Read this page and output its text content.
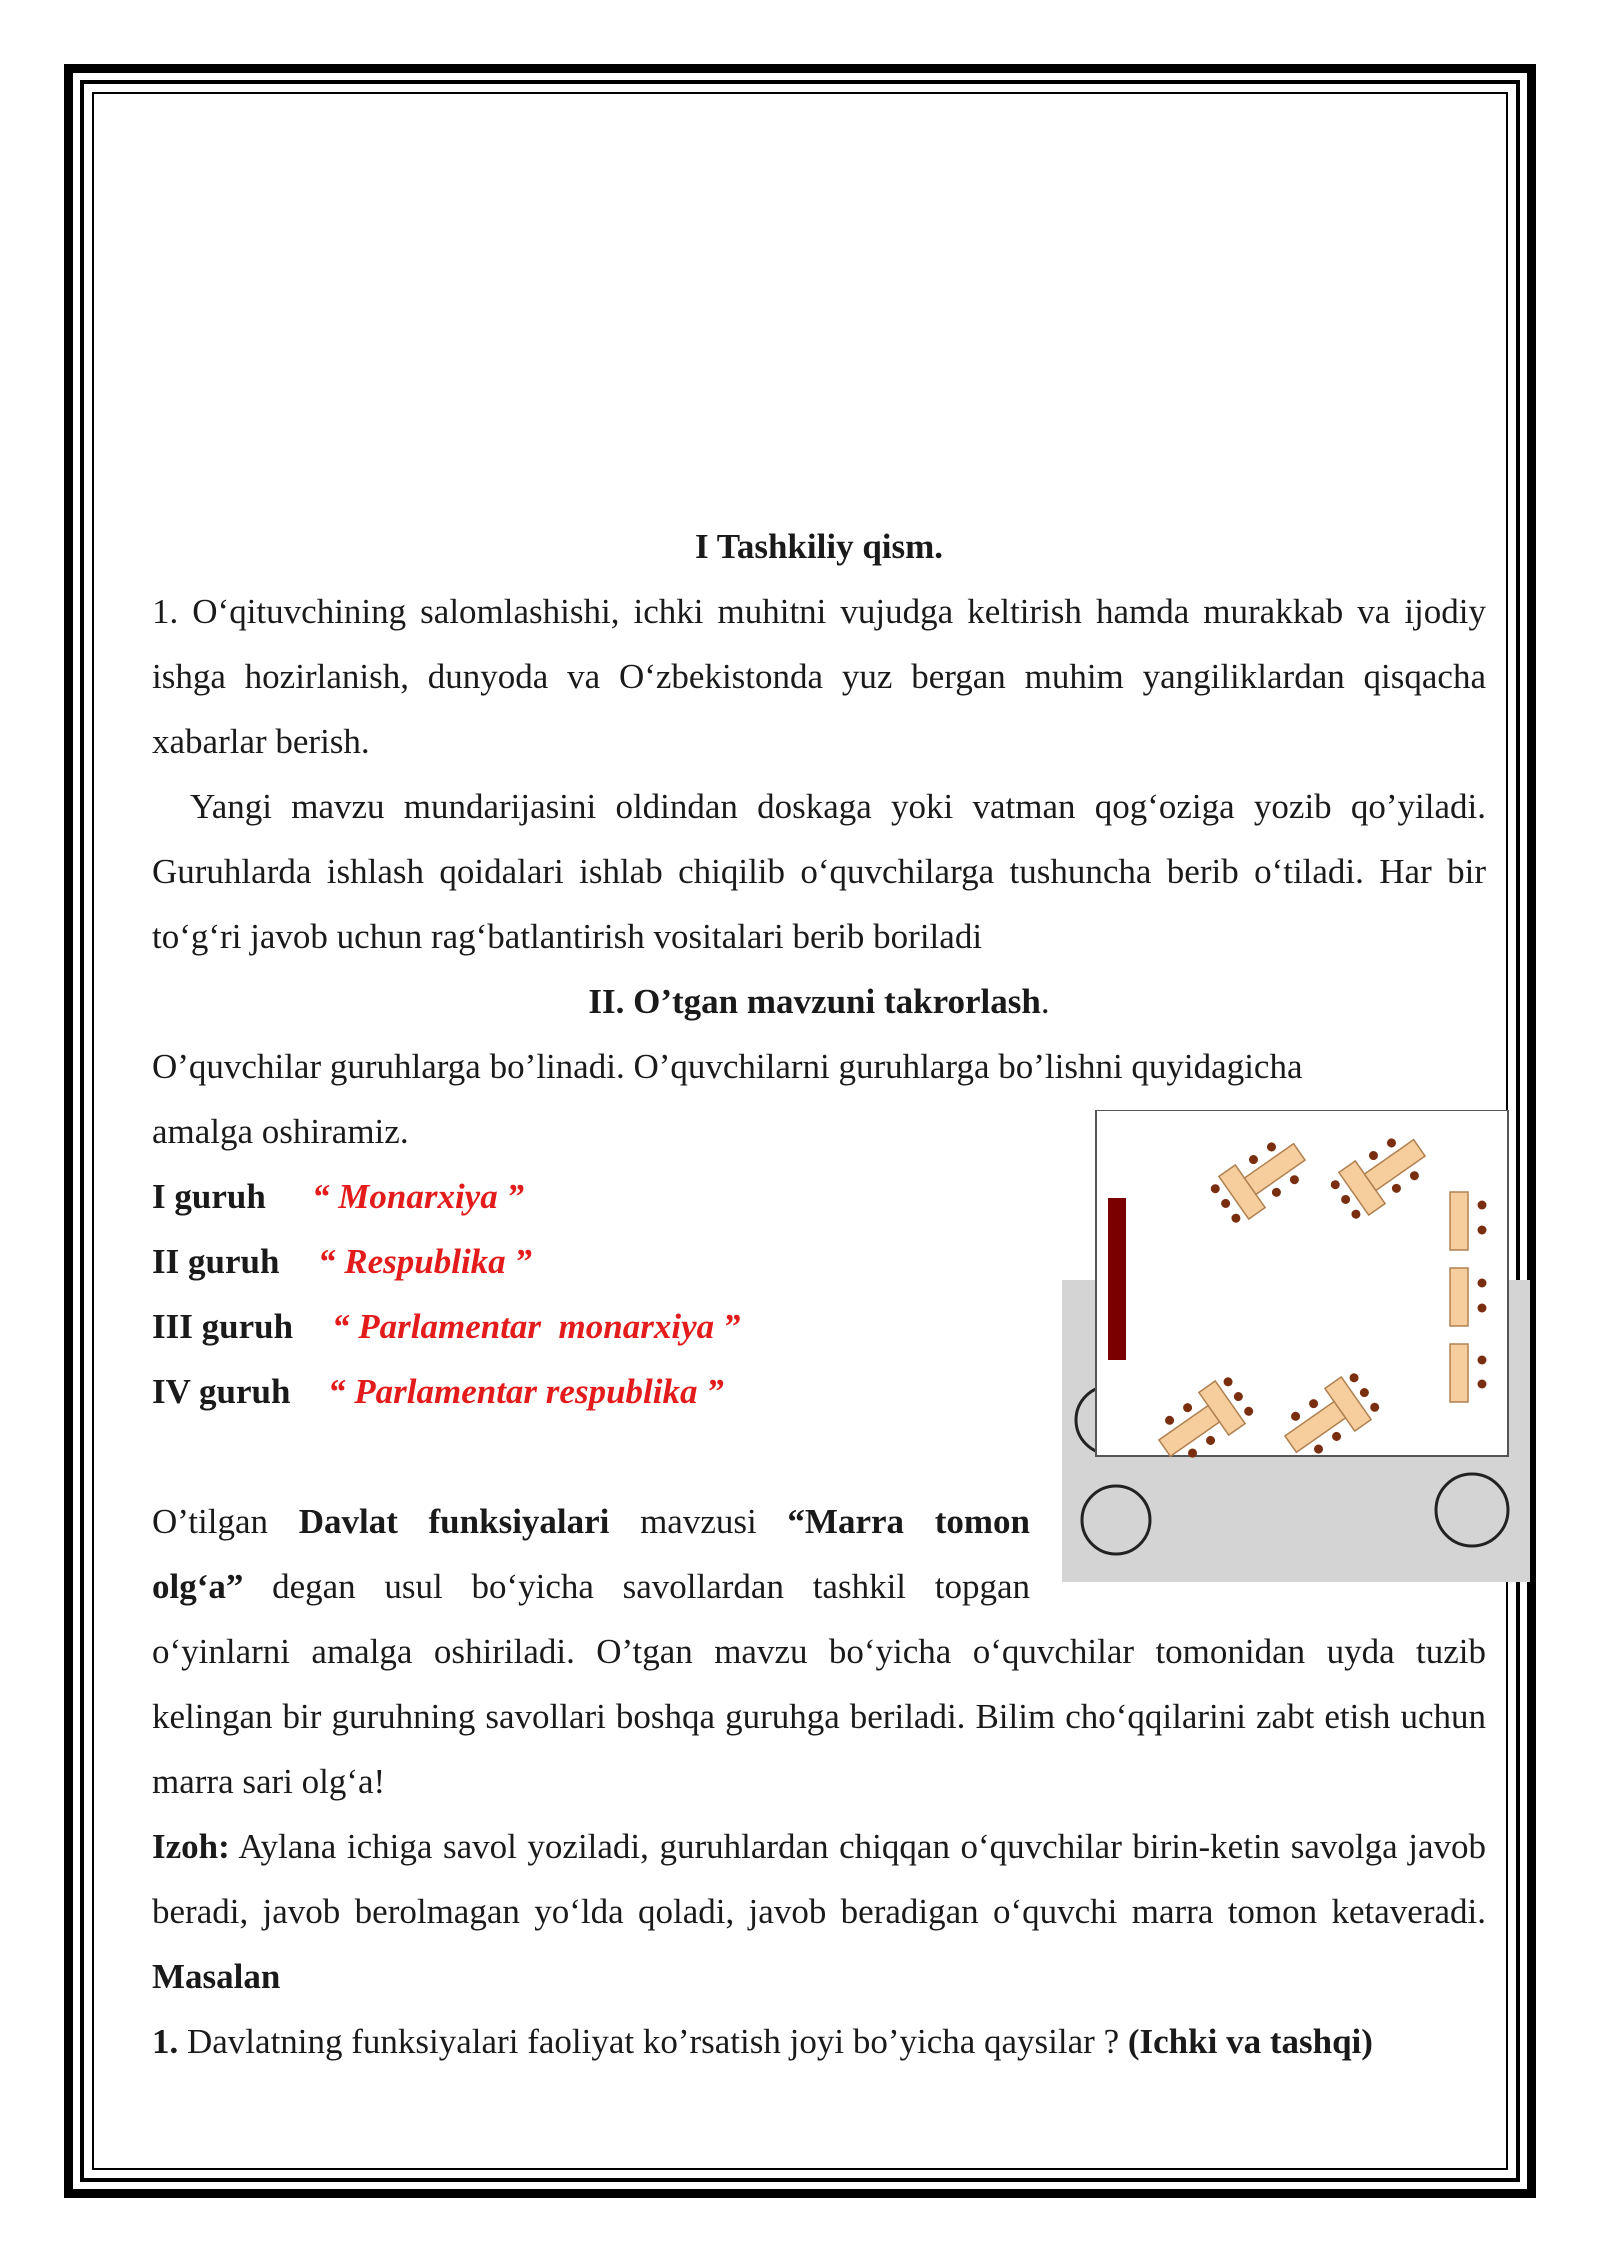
I Tashkiliy qism.
1. O‘qituvchining salomlashishi, ichki muhitni vujudga keltirish hamda murakkab va ijodiy ishga hozirlanish, dunyoda va O‘zbekistonda yuz bergan muhim yangiliklardan qisqacha xabarlar berish.
Yangi mavzu mundarijasini oldindan doskaga yoki vatman qog‘oziga yozib qo’yiladi. Guruhlarda ishlash qoidalari ishlab chiqilib o‘quvchilarga tushuncha berib o‘tiladi. Har bir to‘g‘ri javob uchun rag‘batlantirish vositalari berib boriladi
II. O’tgan mavzuni takrorlash.
O’quvchilar guruhlarga bo’linadi. O’quvchilarni guruhlarga bo’lishni quyidagicha amalga oshiramiz.
I guruh “ Monarxiya ”
II guruh “ Respublika ”
III guruh “ Parlamentar  monarxiya ”
IV guruh “ Parlamentar respublika ”
O’tilgan Davlat funksiyalari mavzusi “Marra tomon
olg‘a” degan usul bo‘yicha savollardan tashkil topgan
o‘yinlarni amalga oshiriladi. O’tgan mavzu bo‘yicha o‘quvchilar tomonidan uyda tuzib kelingan bir guruhning savollari boshqa guruhga beriladi. Bilim cho‘qqilarini zabt etish uchun marra sari olg‘a!
Izoh: Aylana ichiga savol yoziladi, guruhlardan chiqqan o‘quvchilar birin-ketin savolga javob beradi, javob berolmagan yo‘lda qoladi, javob beradigan o‘quvchi marra tomon ketaveradi. Masalan
1. Davlatning funksiyalari faoliyat ko’rsatish joyi bo’yicha qaysilar ? (Ichki va tashqi)
